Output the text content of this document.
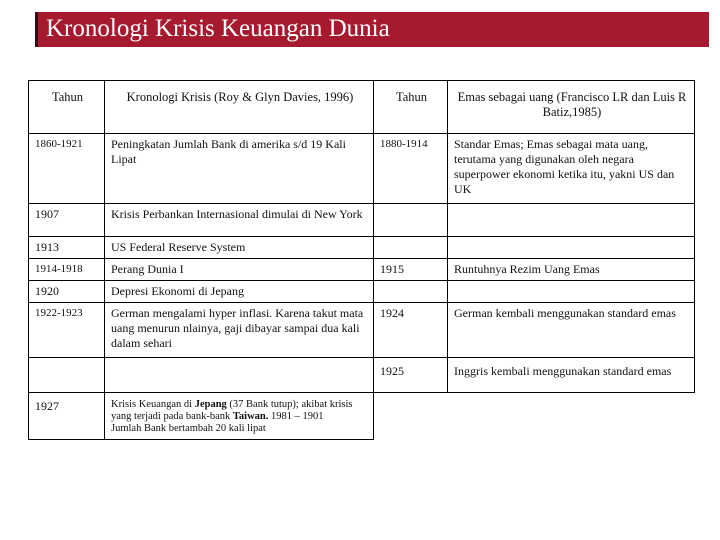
Kronologi Krisis Keuangan Dunia
Tahun	Kronologi Krisis (Roy & Glyn Davies, 1996)	Tahun	Emas sebagai uang (Francisco LR dan Luis R Batiz,1985)
1860-1921	Peningkatan Jumlah Bank di amerika s/d 19 Kali Lipat	1880-1914	Standar Emas; Emas sebagai mata uang, terutama yang digunakan oleh negara superpower ekonomi ketika itu, yakni US dan UK
1907	Krisis Perbankan Internasional dimulai di New York		
1913	US Federal Reserve System		
1914-1918	Perang Dunia I	1915	Runtuhnya Rezim Uang Emas
1920	Depresi Ekonomi di Jepang		
1922-1923	German mengalami hyper inflasi. Karena takut mata uang menurun nlainya, gaji dibayar sampai dua kali dalam sehari	1924	German kembali menggunakan standard emas
		1925	Inggris kembali menggunakan standard emas
1927	Krisis Keuangan di Jepang (37 Bank tutup); akibat krisis yang terjadi pada bank-bank Taiwan. 1981 – 1901      Jumlah Bank bertambah 20 kali lipat		
